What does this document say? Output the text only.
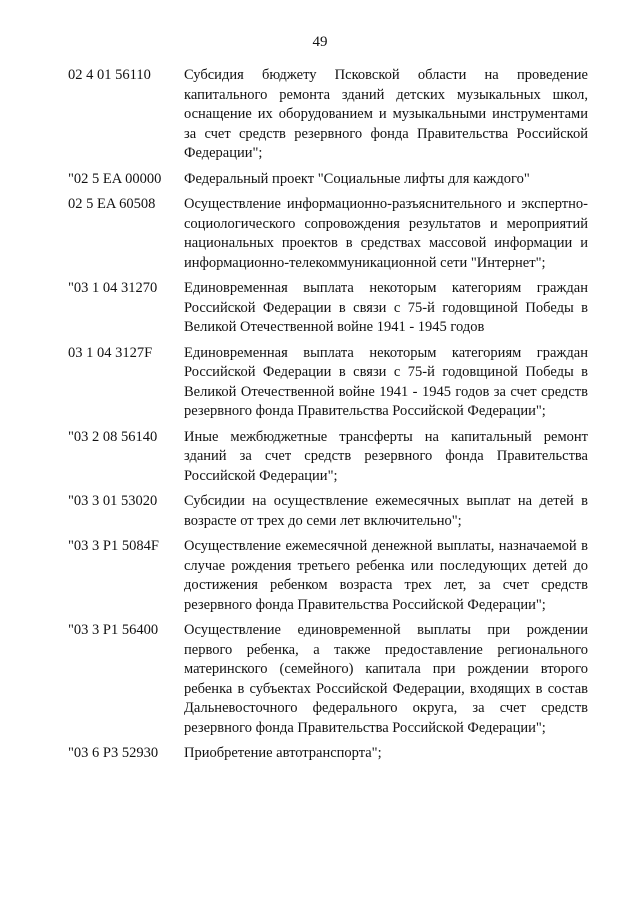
49
02 4 01 56110	Субсидия бюджету Псковской области на проведение капитального ремонта зданий детских музыкальных школ, оснащение их оборудованием и музыкальными инструментами за счет средств резервного фонда Правительства Российской Федерации";
"02 5 EA 00000	Федеральный проект "Социальные лифты для каждого"
02 5 EA 60508	Осуществление информационно-разъяснительного и экспертно-социологического сопровождения результатов и мероприятий национальных проектов в средствах массовой информации и информационно-телекоммуникационной сети "Интернет";
"03 1 04 31270	Единовременная выплата некоторым категориям граждан Российской Федерации в связи с 75-й годовщиной Победы в Великой Отечественной войне 1941 - 1945 годов
03 1 04 3127F	Единовременная выплата некоторым категориям граждан Российской Федерации в связи с 75-й годовщиной Победы в Великой Отечественной войне 1941 - 1945 годов за счет средств резервного фонда Правительства Российской Федерации";
"03 2 08 56140	Иные межбюджетные трансферты на капитальный ремонт зданий за счет средств резервного фонда Правительства Российской Федерации";
"03 3 01 53020	Субсидии на осуществление ежемесячных выплат на детей в возрасте от трех до семи лет включительно";
"03 3 P1 5084F	Осуществление ежемесячной денежной выплаты, назначаемой в случае рождения третьего ребенка или последующих детей до достижения ребенком возраста трех лет, за счет средств резервного фонда Правительства Российской Федерации";
"03 3 P1 56400	Осуществление единовременной выплаты при рождении первого ребенка, а также предоставление регионального материнского (семейного) капитала при рождении второго ребенка в субъектах Российской Федерации, входящих в состав Дальневосточного федерального округа, за счет средств резервного фонда Правительства Российской Федерации";
"03 6 P3 52930	Приобретение автотранспорта";
